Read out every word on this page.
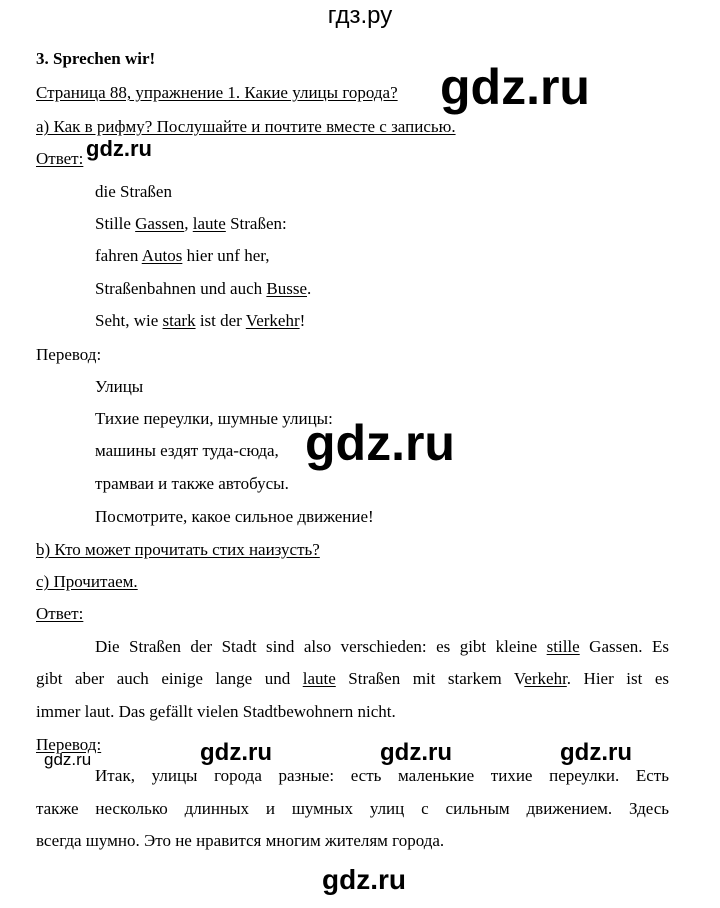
гдз.ру
3. Sprechen wir!
Страница 88, упражнение 1. Какие улицы города?
a) Как в рифму? Послушайте и почтите вместе с записью.
Ответ:
die Straßen
Stille Gassen, laute Straßen:
fahren Autos hier unf her,
Straßenbahnen und auch Busse.
Seht, wie stark ist der Verkehr!
Перевод:
Улицы
Тихие переулки, шумные улицы:
машины ездят туда-сюда,
трамваи и также автобусы.
Посмотрите, какое сильное движение!
b) Кто может прочитать стих наизусть?
c) Прочитаем.
Ответ:
Die Straßen der Stadt sind also verschieden: es gibt kleine stille Gassen. Es
gibt aber auch einige lange und laute Straßen mit starkem Verkehr. Hier ist es
immer laut. Das gefällt vielen Stadtbewohnern nicht.
Перевод:
Итак, улицы города разные: есть маленькие тихие переулки. Есть
также несколько длинных и шумных улиц с сильным движением. Здесь
всегда шумно. Это не нравится многим жителям города.
gdz.ru
gdz.ru
gdz.ru
gdz.ru	gdz.ru	gdz.ru
gdz.ru
gdz.ru
